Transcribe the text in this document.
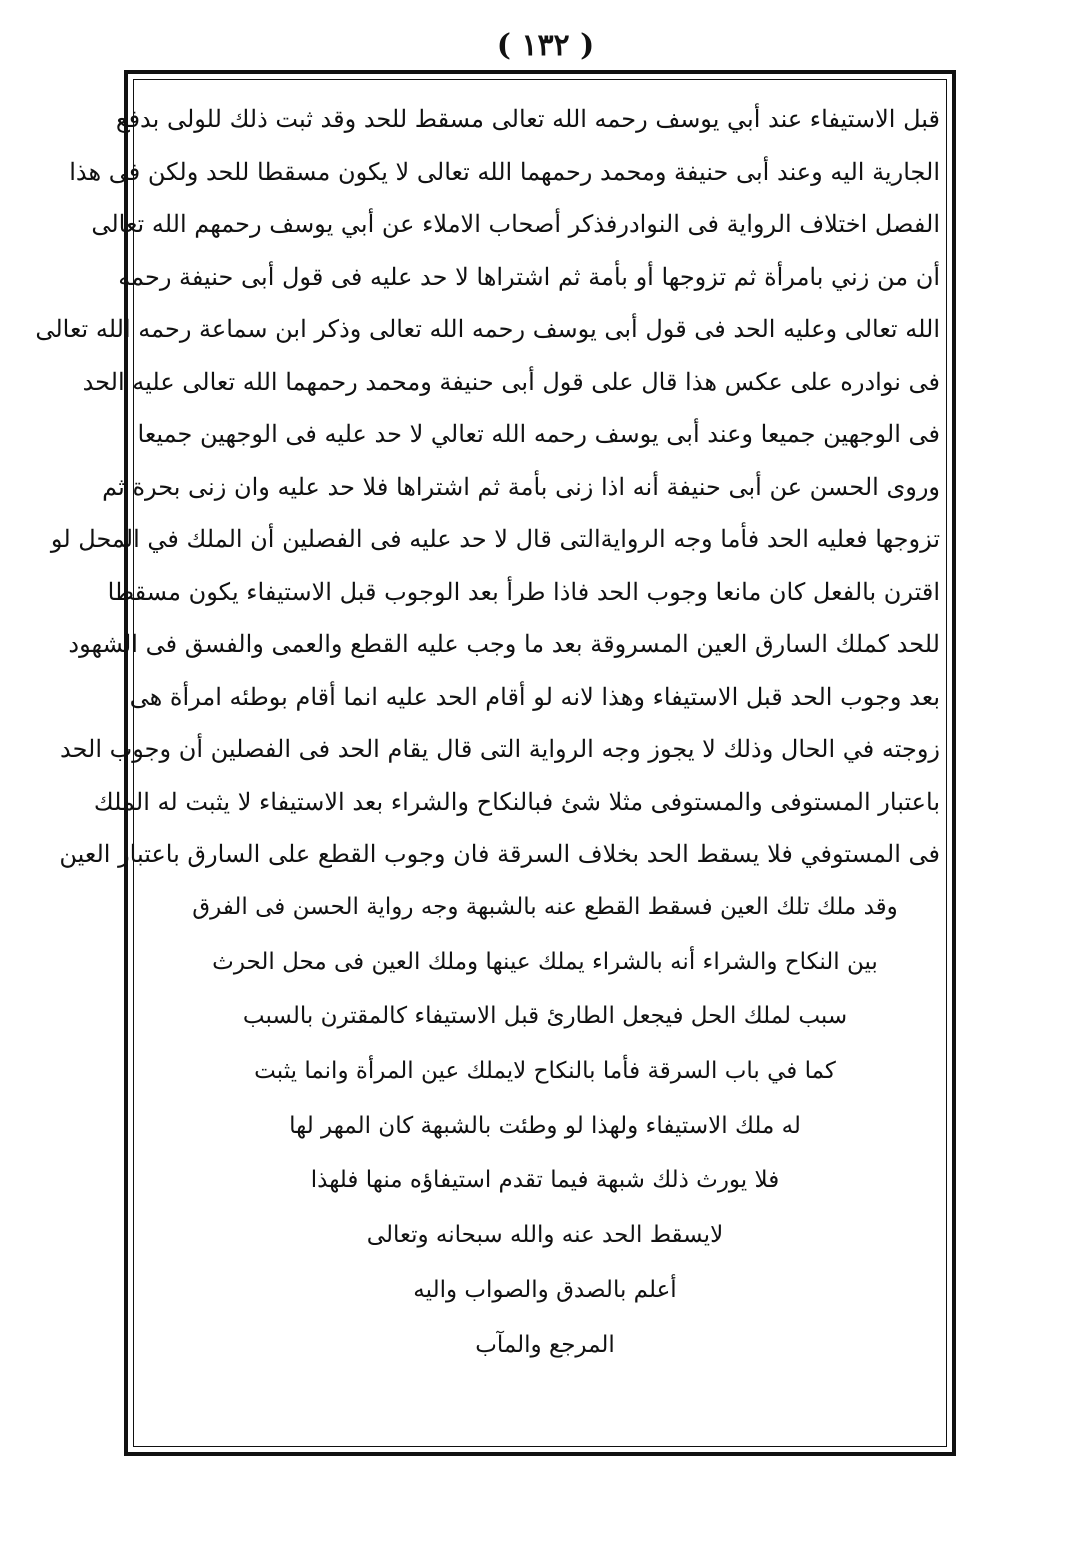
( ١٣٢ )
قبل الاستيفاء عند أبي يوسف رحمه الله تعالى مسقط للحد وقد ثبت ذلك للولى بدفع
الجارية اليه وعند أبى حنيفة ومحمد رحمهما الله تعالى لا يكون مسقطا للحد ولكن فى هذا
الفصل اختلاف الرواية فى النوادرفذكر أصحاب الاملاء عن أبي يوسف رحمهم الله تعالى
أن من زني بامرأة ثم تزوجها أو بأمة ثم اشتراها لا حد عليه فى قول أبى حنيفة رحمه
الله تعالى وعليه الحد فى قول أبى يوسف رحمه الله تعالى وذكر ابن سماعة رحمه الله تعالى
فى نوادره على عكس هذا قال على قول أبى حنيفة ومحمد رحمهما الله تعالى عليه الحد
فى الوجهين جميعا وعند أبى يوسف رحمه الله تعالي لا حد عليه فى الوجهين جميعا
وروى الحسن عن أبى حنيفة أنه اذا زنى بأمة ثم اشتراها فلا حد عليه وان زنى بحرة ثم
تزوجها فعليه الحد فأما وجه الروايةالتى قال لا حد عليه فى الفصلين أن الملك في المحل لو
اقترن بالفعل كان مانعا وجوب الحد فاذا طرأ بعد الوجوب قبل الاستيفاء يكون مسقطا
للحد كملك السارق العين المسروقة بعد ما وجب عليه القطع والعمى والفسق فى الشهود
بعد وجوب الحد قبل الاستيفاء وهذا لانه لو أقام الحد عليه انما أقام بوطئه امرأة هى
زوجته في الحال وذلك لا يجوز وجه الرواية التى قال يقام الحد فى الفصلين أن وجوب الحد
باعتبار المستوفى والمستوفى مثلا شئ فبالنكاح والشراء بعد الاستيفاء لا يثبت له الملك
فى المستوفي فلا يسقط الحد بخلاف السرقة فان وجوب القطع على السارق باعتبار العين
وقد ملك تلك العين فسقط القطع عنه بالشبهة وجه رواية الحسن فى الفرق
بين النكاح والشراء أنه بالشراء يملك عينها وملك العين فى محل الحرث
سبب لملك الحل فيجعل الطارئ قبل الاستيفاء كالمقترن بالسبب
كما في باب السرقة فأما بالنكاح لايملك عين المرأة وانما يثبت
له ملك الاستيفاء ولهذا لو وطئت بالشبهة كان المهر لها
فلا يورث ذلك شبهة فيما تقدم استيفاؤه منها فلهذا
لايسقط الحد عنه والله سبحانه وتعالى
أعلم بالصدق والصواب واليه
المرجع والمآب
